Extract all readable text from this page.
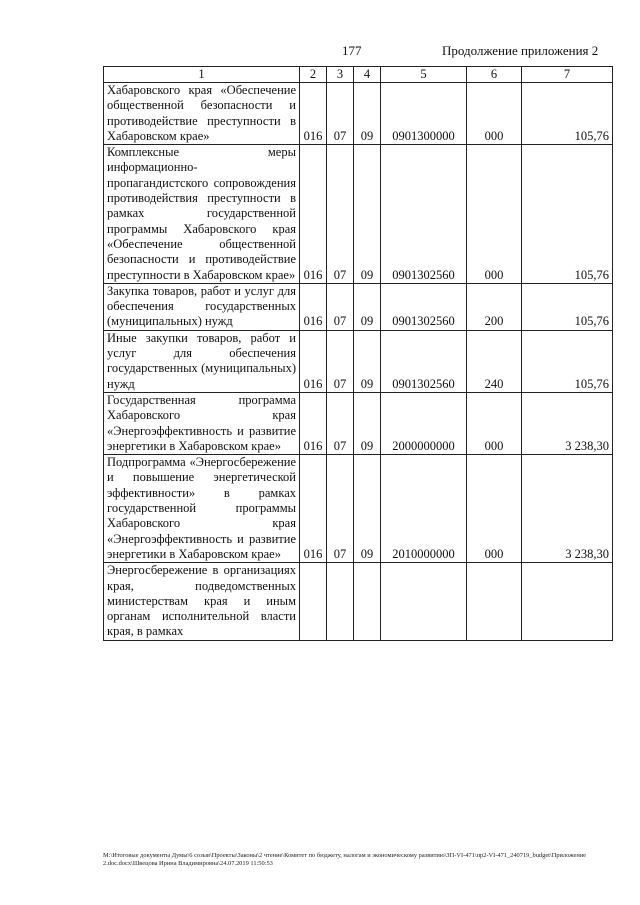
177	Продолжение приложения 2
1	2	3	4	5	6	7
Хабаровского края «Обеспечение общественной безопасности и противодействие преступности в Хабаровском крае»	016	07	09	0901300000	000	105,76
Комплексные меры информационно-пропагандистского сопровождения противодействия преступности в рамках государственной программы Хабаровского края «Обеспечение общественной безопасности и противодействие преступности в Хабаровском крае»	016	07	09	0901302560	000	105,76
Закупка товаров, работ и услуг для обеспечения государственных (муниципальных) нужд	016	07	09	0901302560	200	105,76
Иные закупки товаров, работ и услуг для обеспечения государственных (муниципальных) нужд	016	07	09	0901302560	240	105,76
Государственная программа Хабаровского края «Энергоэффективность и развитие энергетики в Хабаровском крае»	016	07	09	2000000000	000	3 238,30
Подпрограмма «Энергосбережение и повышение энергетической эффективности» в рамках государственной программы Хабаровского края «Энергоэффективность и развитие энергетики в Хабаровском крае»	016	07	09	2010000000	000	3 238,30
Энергосбережение в организациях края, подведомственных министерствам края и иным органам исполнительной власти края, в рамках						
M:\Итоговые документы Думы\6 созыв\Проекты\Законы\2 чтение\Комитет по бюджету, налогам и экономическому развитию\ЗП-VI-471\пр2-VI-471_240719_budget\Приложение 2.doc.docx\Швецова Ирина Владимировна\24.07.2019 11:50:53
